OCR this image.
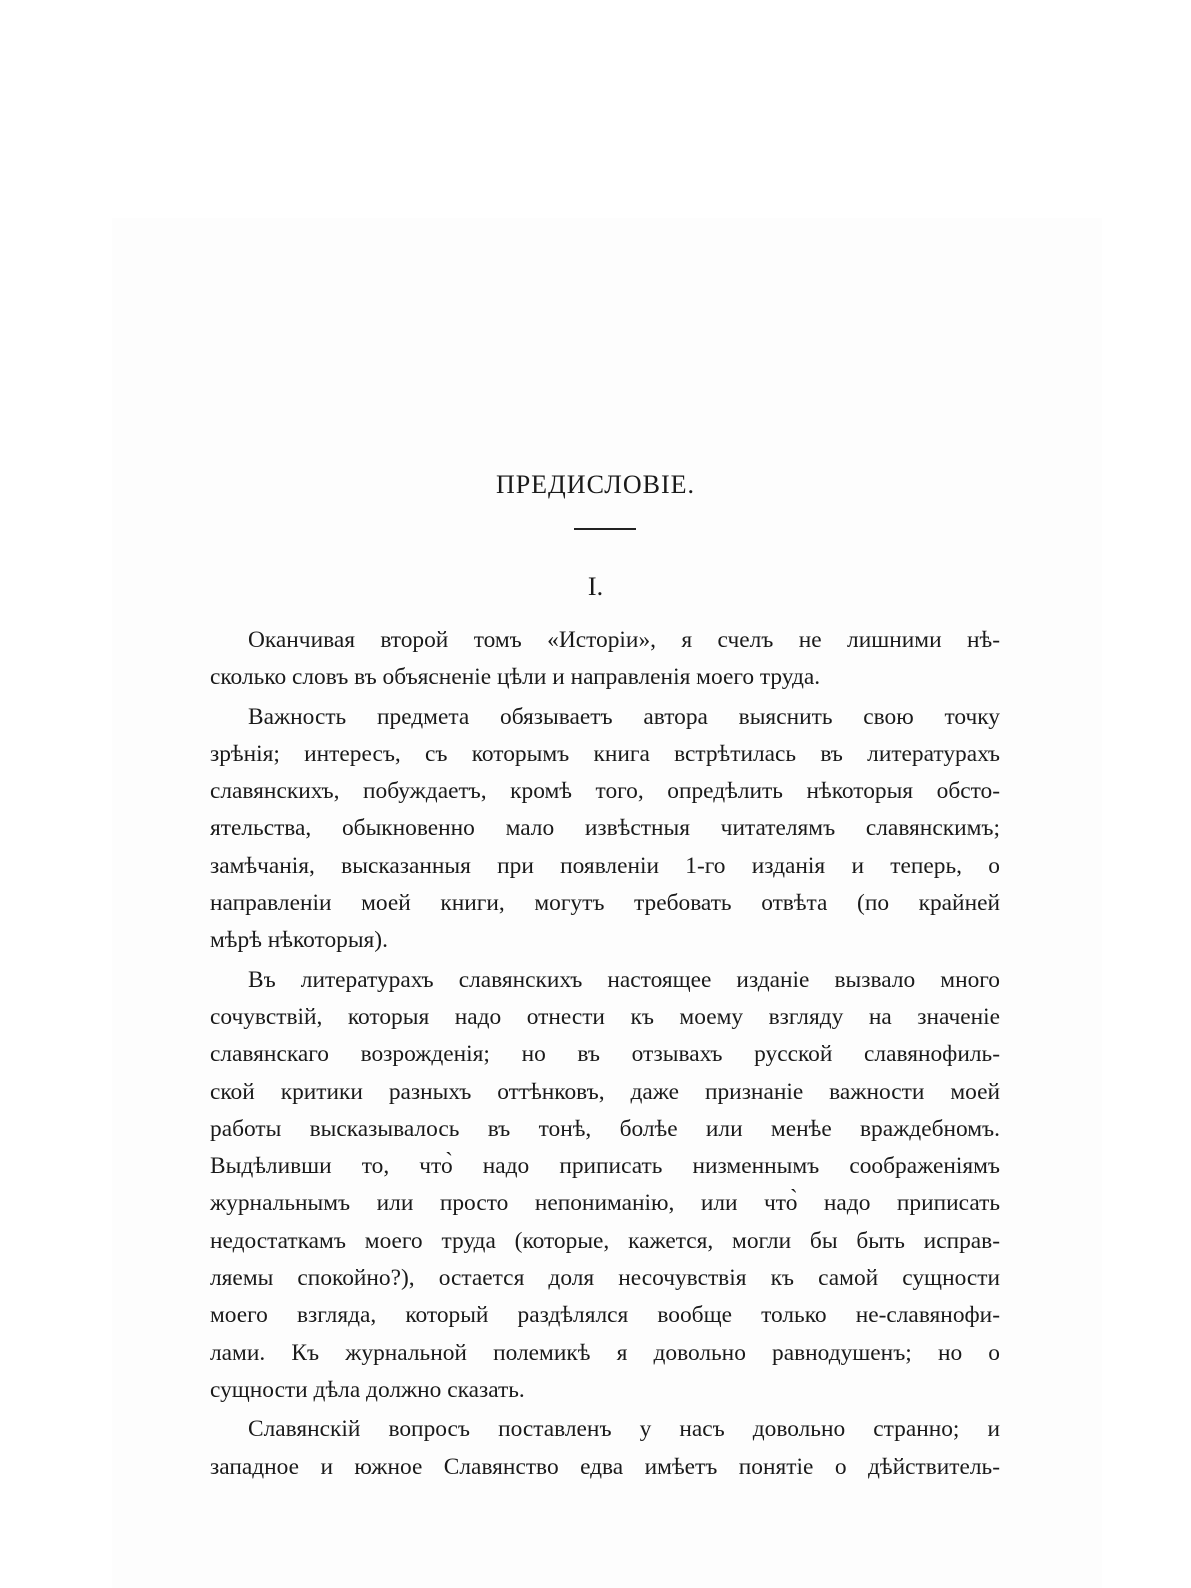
ПРЕДИСЛОВІЕ.
I.
Оканчивая второй томъ «Исторіи», я счелъ не лишними нѣ-
сколько словъ въ объясненіе цѣли и направленія моего труда.
Важность предмета обязываетъ автора выяснить свою точку
зрѣнія; интересъ, съ которымъ книга встрѣтилась въ литературахъ
славянскихъ, побуждаетъ, кромѣ того, опредѣлить нѣкоторыя обсто-
ятельства, обыкновенно мало извѣстныя читателямъ славянскимъ;
замѣчанія, высказанныя при появленіи 1-го изданія и теперь, о
направленіи моей книги, могутъ требовать отвѣта (по крайней
мѣрѣ нѣкоторыя).
Въ литературахъ славянскихъ настоящее изданіе вызвало много
сочувствій, которыя надо отнести къ моему взгляду на значеніе
славянскаго возрожденія; но въ отзывахъ русской славянофиль-
ской критики разныхъ оттѣнковъ, даже признаніе важности моей
работы высказывалось въ тонѣ, болѣе или менѣе враждебномъ.
Выдѣливши то, что̀ надо приписать низменнымъ соображеніямъ
журнальнымъ или просто непониманію, или что̀ надо приписать
недостаткамъ моего труда (которые, кажется, могли бы быть исправ-
ляемы спокойно?), остается доля несочувствія къ самой сущности
моего взгляда, который раздѣлялся вообще только не-славянофи-
лами. Къ журнальной полемикѣ я довольно равнодушенъ; но о
сущности дѣла должно сказать.
Славянскій вопросъ поставленъ у насъ довольно странно; и
западное и южное Славянство едва имѣетъ понятіе о дѣйствитель-
